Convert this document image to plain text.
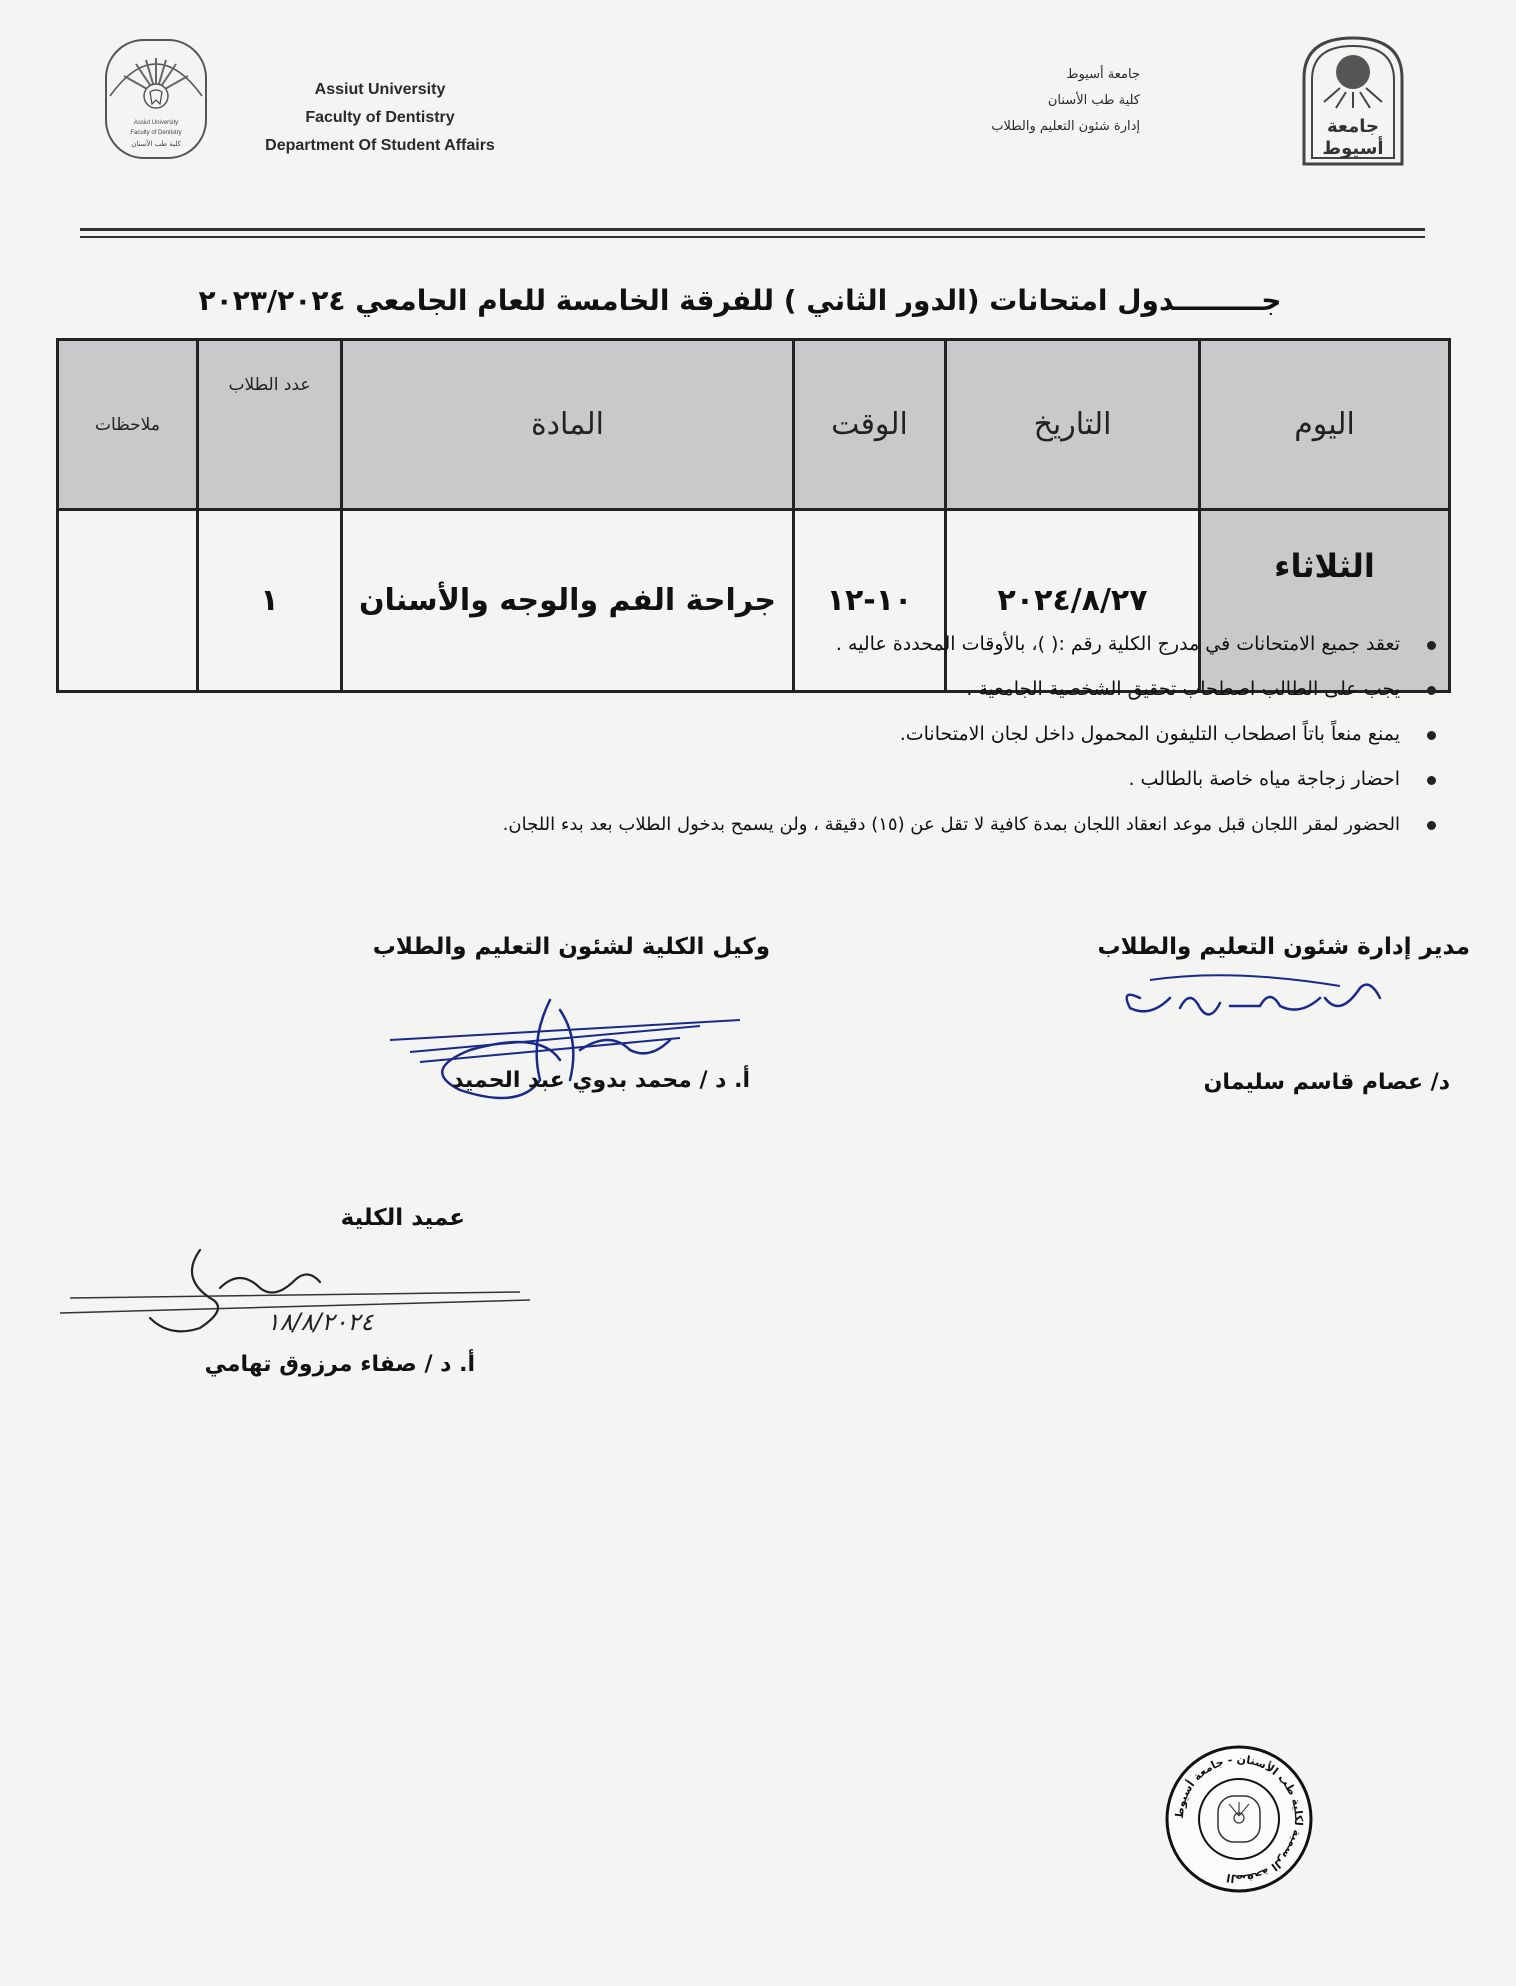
Assiut University
Faculty of Dentistry
كلية طب الأسنان
Assiut University
Faculty of Dentistry
Department Of Student Affairs
جامعة أسيوط
كلية طب الأسنان
إدارة شئون التعليم والطلاب	جامعة
أسيوط
جـــــــــدول امتحانات (الدور الثاني ) للفرقة الخامسة للعام الجامعي ٢٠٢٣/٢٠٢٤
اليوم	التاريخ	الوقت	المادة	عدد الطلاب	ملاحظات
الثلاثاء	٢٠٢٤/٨/٢٧	١٠-١٢	جراحة الفم والوجه والأسنان	١	
تعقد جميع الامتحانات في مدرج الكلية رقم :( )، بالأوقات المحددة عاليه .
يجب على الطالب اصطحاب تحقيق الشخصية الجامعية .
يمنع منعاً باتاً اصطحاب التليفون المحمول داخل لجان الامتحانات.
احضار زجاجة مياه خاصة بالطالب .
الحضور لمقر اللجان قبل موعد انعقاد اللجان بمدة كافية لا تقل عن (١٥) دقيقة ، ولن يسمح بدخول الطلاب بعد بدء اللجان.
مدير إدارة شئون التعليم والطلاب
د/ عصام قاسم سليمان
وكيل الكلية لشئون التعليم والطلاب
أ. د / محمد بدوي عبد الحميد
عميد الكلية
١٨/٨/٢٠٢٤
أ. د / صفاء مرزوق تهامي
الصفحة الرسمية لكلية طب الأسنان - جامعة أسيوط
